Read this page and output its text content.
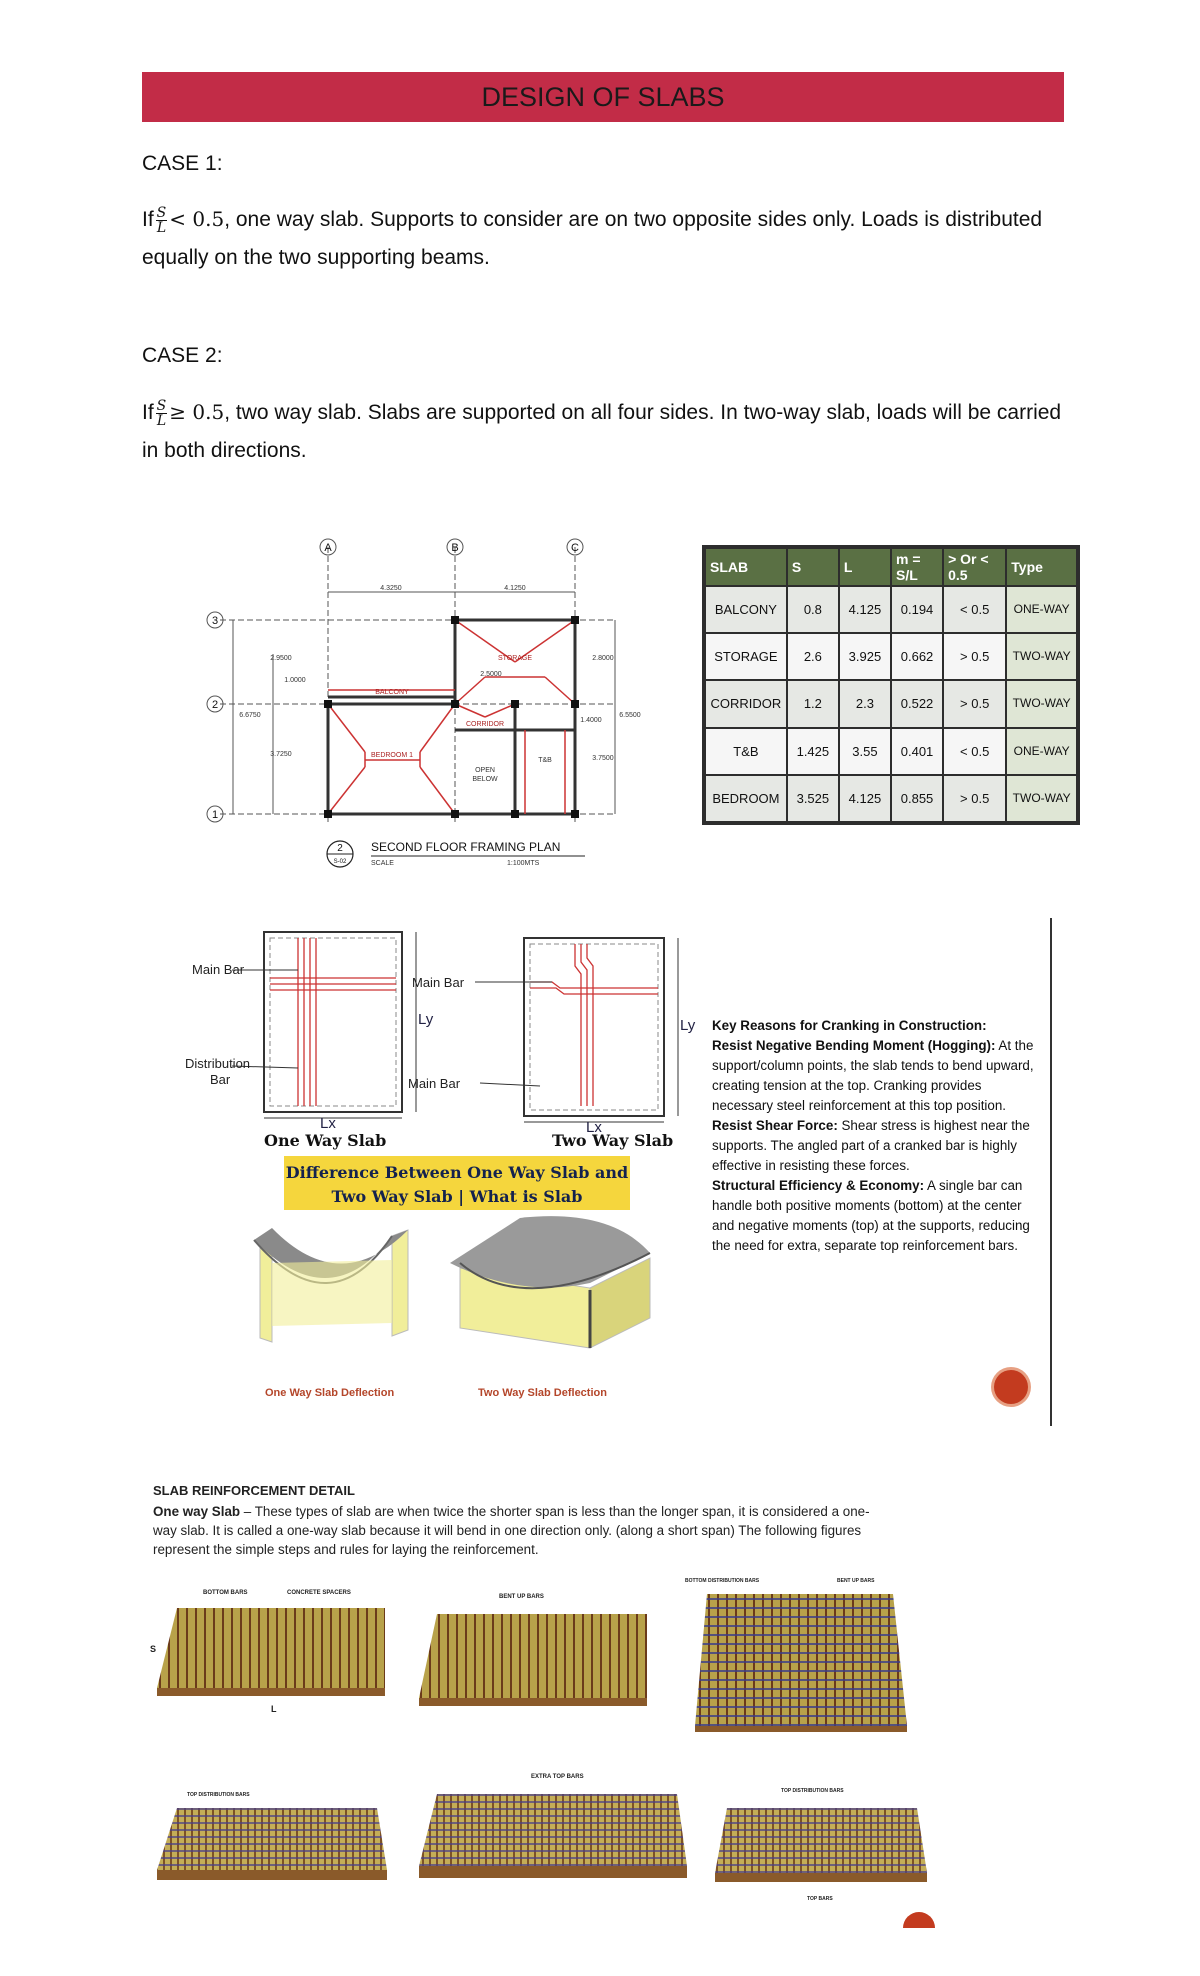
DESIGN OF SLABS
CASE 1:
If $\frac{S}{L} < 0.5$, one way slab. Supports to consider are on two opposite sides only. Loads is distributed equally on the two supporting beams.
CASE 2:
If $\frac{S}{L} \ge 0.5$, two way slab. Slabs are supported on all four sides. In two-way slab, loads will be carried in both directions.
A	B	C
3
2
1
4.3250	4.1250
2.9500
1.0000
6.6750
3.7250
2.8000
1.4000
6.5500
3.7500
2.5000
BALCONY
STORAGE
CORRIDOR
BEDROOM 1
T&B
OPEN
BELOW
2
S-02
SECOND FLOOR FRAMING PLAN
SCALE	1:100MTS
SLAB	S	L	m = S/L	> Or < 0.5	Type
BALCONY	0.8	4.125	0.194	< 0.5	ONE-WAY
STORAGE	2.6	3.925	0.662	> 0.5	TWO-WAY
CORRIDOR	1.2	2.3	0.522	> 0.5	TWO-WAY
T&B	1.425	3.55	0.401	< 0.5	ONE-WAY
BEDROOM	3.525	4.125	0.855	> 0.5	TWO-WAY
Main Bar
Distribution
Bar
Main Bar
Main Bar
Ly	Ly
Lx	Lx
One Way Slab	Two Way Slab
Difference Between One Way Slab and
Two Way Slab | What is Slab
One Way Slab Deflection	Two Way Slab Deflection
Key Reasons for Cranking in Construction:
Resist Negative Bending Moment (Hogging): At the support/column points, the slab tends to bend upward, creating tension at the top. Cranking provides necessary steel reinforcement at this top position.
Resist Shear Force: Shear stress is highest near the supports. The angled part of a cranked bar is highly effective in resisting these forces.
Structural Efficiency & Economy: A single bar can handle both positive moments (bottom) at the center and negative moments (top) at the supports, reducing the need for extra, separate top reinforcement bars.
SLAB REINFORCEMENT DETAIL
One way Slab – These types of slab are when twice the shorter span is less than the longer span, it is considered a one-way slab. It is called a one-way slab because it will bend in one direction only. (along a short span) The following figures represent the simple steps and rules for laying the reinforcement.
BOTTOM BARS	CONCRETE SPACERS
S
L
BENT UP BARS
BOTTOM DISTRIBUTION BARS	BENT UP BARS
TOP DISTRIBUTION BARS
EXTRA TOP BARS
TOP DISTRIBUTION BARS
TOP BARS
